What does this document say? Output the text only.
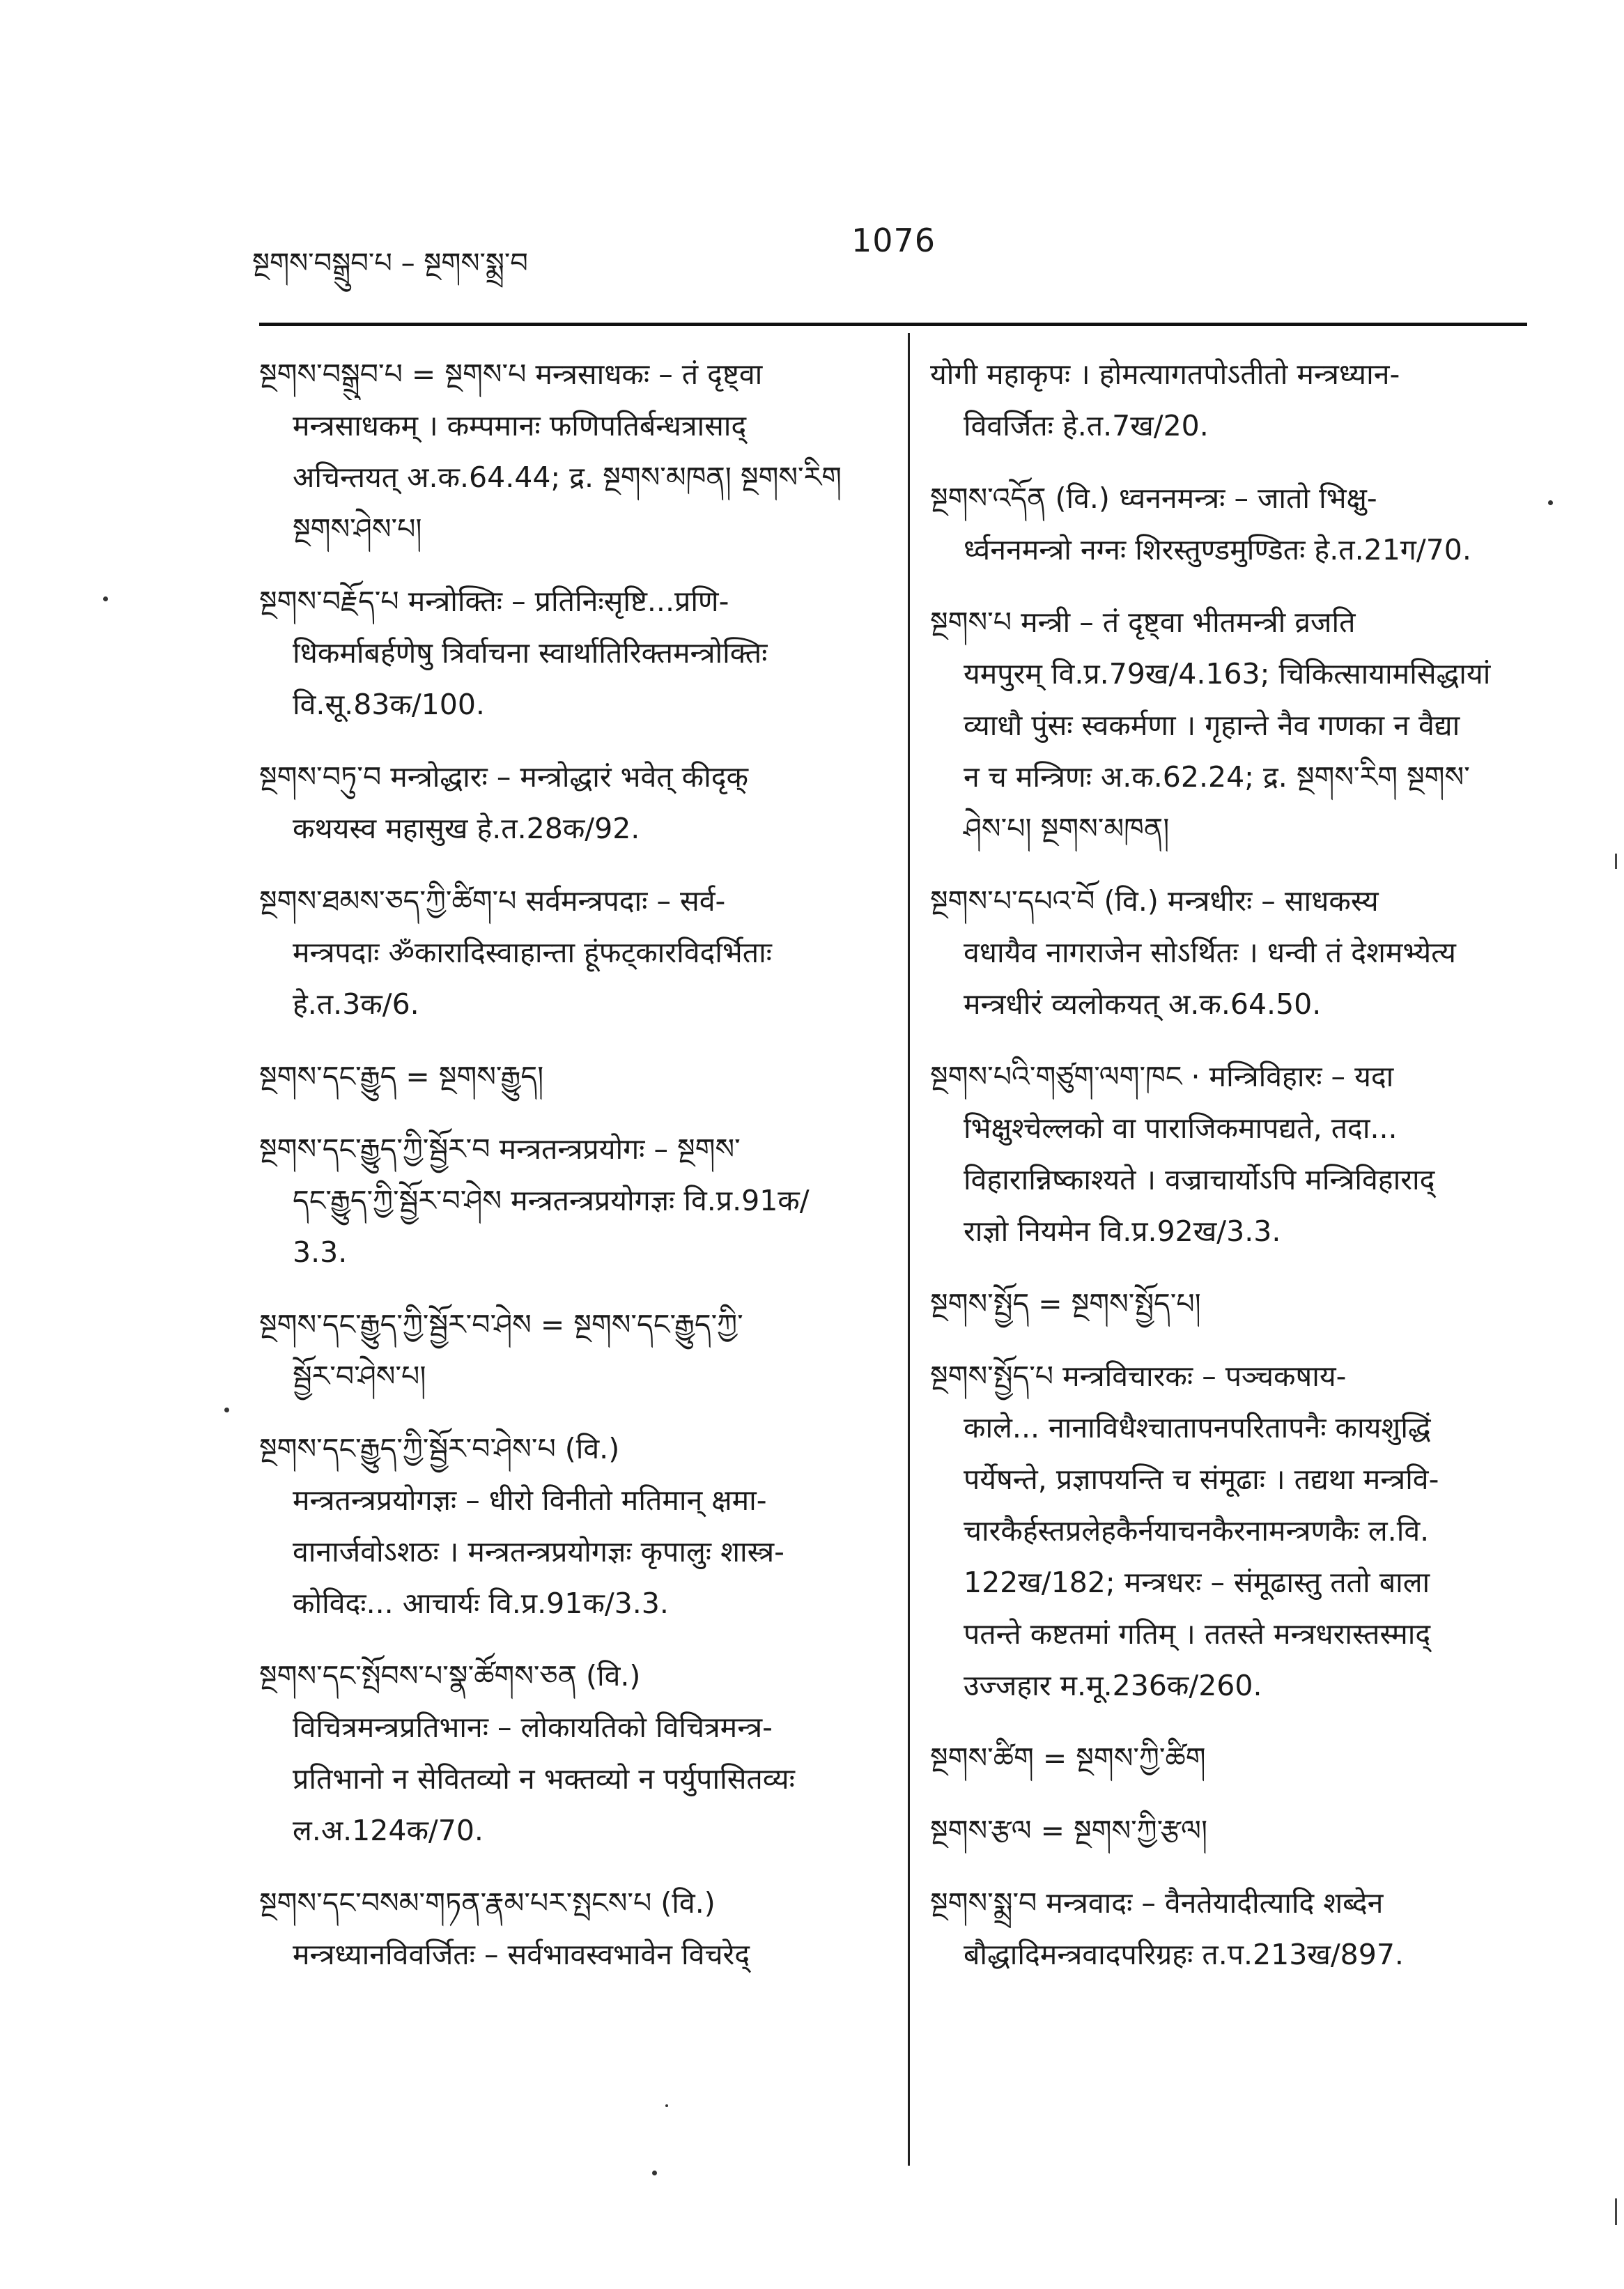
སྔགས་བསྒྲུབ་པ – སྔགས་སྨྲ་བ
1076
སྔགས་བསྒྲུབ་པ = སྔགས་པ मन्त्रसाधकः – तं दृष्ट्वा
मन्त्रसाधकम् । कम्पमानः फणिपतिर्बन्धत्रासाद्
अचिन्तयत् अ.क.64.44; द्र. སྔགས་མཁན། སྔགས་རིག
སྔགས་ཤེས་པ།
སྔགས་བརྗོད་པ मन्त्रोक्तिः – प्रतिनिःसृष्टि...प्रणि-
धिकर्माबर्हणेषु त्रिर्वाचना स्वार्थातिरिक्तमन्त्रोक्तिः
वि.सू.83क/100.
སྔགས་བཏུ་བ मन्त्रोद्धारः – मन्त्रोद्धारं भवेत् कीदृक्
कथयस्व महासुख हे.त.28क/92.
སྔགས་ཐམས་ཅད་ཀྱི་ཚིག་པ सर्वमन्त्रपदाः – सर्व-
मन्त्रपदाः ॐकारादिस्वाहान्ता हूंफट्कारविदर्भिताः
हे.त.3क/6.
སྔགས་དང་རྒྱུད = སྔགས་རྒྱུད།
སྔགས་དང་རྒྱུད་ཀྱི་སྦྱོར་བ मन्त्रतन्त्रप्रयोगः – སྔགས་
དང་རྒྱུད་ཀྱི་སྦྱོར་བ་ཤེས मन्त्रतन्त्रप्रयोगज्ञः वि.प्र.91क/
3.3.
སྔགས་དང་རྒྱུད་ཀྱི་སྦྱོར་བ་ཤེས = སྔགས་དང་རྒྱུད་ཀྱི་
སྦྱོར་བ་ཤེས་པ།
སྔགས་དང་རྒྱུད་ཀྱི་སྦྱོར་བ་ཤེས་པ (वि.)
मन्त्रतन्त्रप्रयोगज्ञः – धीरो विनीतो मतिमान् क्षमा-
वानार्जवोऽशठः । मन्त्रतन्त्रप्रयोगज्ञः कृपालुः शास्त्र-
कोविदः... आचार्यः वि.प्र.91क/3.3.
སྔགས་དང་སྤོབས་པ་སྣ་ཚོགས་ཅན (वि.)
विचित्रमन्त्रप्रतिभानः – लोकायतिको विचित्रमन्त्र-
प्रतिभानो न सेवितव्यो न भक्तव्यो न पर्युपासितव्यः
ल.अ.124क/70.
སྔགས་དང་བསམ་གཏན་རྣམ་པར་སྤངས་པ (वि.)
मन्त्रध्यानविवर्जितः – सर्वभावस्वभावेन विचरेद्
योगी महाकृपः । होमत्यागतपोऽतीतो मन्त्रध्यान-
विवर्जितः हे.त.7ख/20.
སྔགས་འདོན (वि.) ध्वननमन्त्रः – जातो भिक्षु-
र्ध्वननमन्त्रो नग्नः शिरस्तुण्डमुण्डितः हे.त.21ग/70.
སྔགས་པ मन्त्री – तं दृष्ट्वा भीतमन्त्री व्रजति
यमपुरम् वि.प्र.79ख/4.163; चिकित्सायामसिद्धायां
व्याधौ पुंसः स्वकर्मणा । गृहान्ते नैव गणका न वैद्या
न च मन्त्रिणः अ.क.62.24; द्र. སྔགས་རིག སྔགས་
ཤེས་པ། སྔགས་མཁན།
སྔགས་པ་དཔའ་བོ (वि.) मन्त्रधीरः – साधकस्य
वधायैव नागराजेन सोऽर्थितः । धन्वी तं देशमभ्येत्य
मन्त्रधीरं व्यलोकयत् अ.क.64.50.
སྔགས་པའི་གཙུག་ལག་ཁང · मन्त्रिविहारः – यदा
भिक्षुश्चेल्लको वा पाराजिकमापद्यते, तदा...
विहारान्निष्काश्यते । वज्राचार्योऽपि मन्त्रिविहाराद्
राज्ञो नियमेन वि.प्र.92ख/3.3.
སྔགས་སྤྱོད = སྔགས་སྤྱོད་པ།
སྔགས་སྤྱོད་པ मन्त्रविचारकः – पञ्चकषाय-
काले... नानाविधैश्चातापनपरितापनैः कायशुद्धिं
पर्येषन्ते, प्रज्ञापयन्ति च संमूढाः । तद्यथा मन्त्रवि-
चारकैर्हस्तप्रलेहकैर्नयाचनकैरनामन्त्रणकैः ल.वि.
122ख/182; मन्त्रधरः – संमूढास्तु ततो बाला
पतन्ते कष्टतमां गतिम् । ततस्ते मन्त्रधरास्तस्माद्
उज्जहार म.मू.236क/260.
སྔགས་ཚིག = སྔགས་ཀྱི་ཚིག
སྔགས་རྩལ = སྔགས་ཀྱི་རྩལ།
སྔགས་སྨྲ་བ मन्त्रवादः – वैनतेयादीत्यादि शब्देन
बौद्धादिमन्त्रवादपरिग्रहः त.प.213ख/897.
